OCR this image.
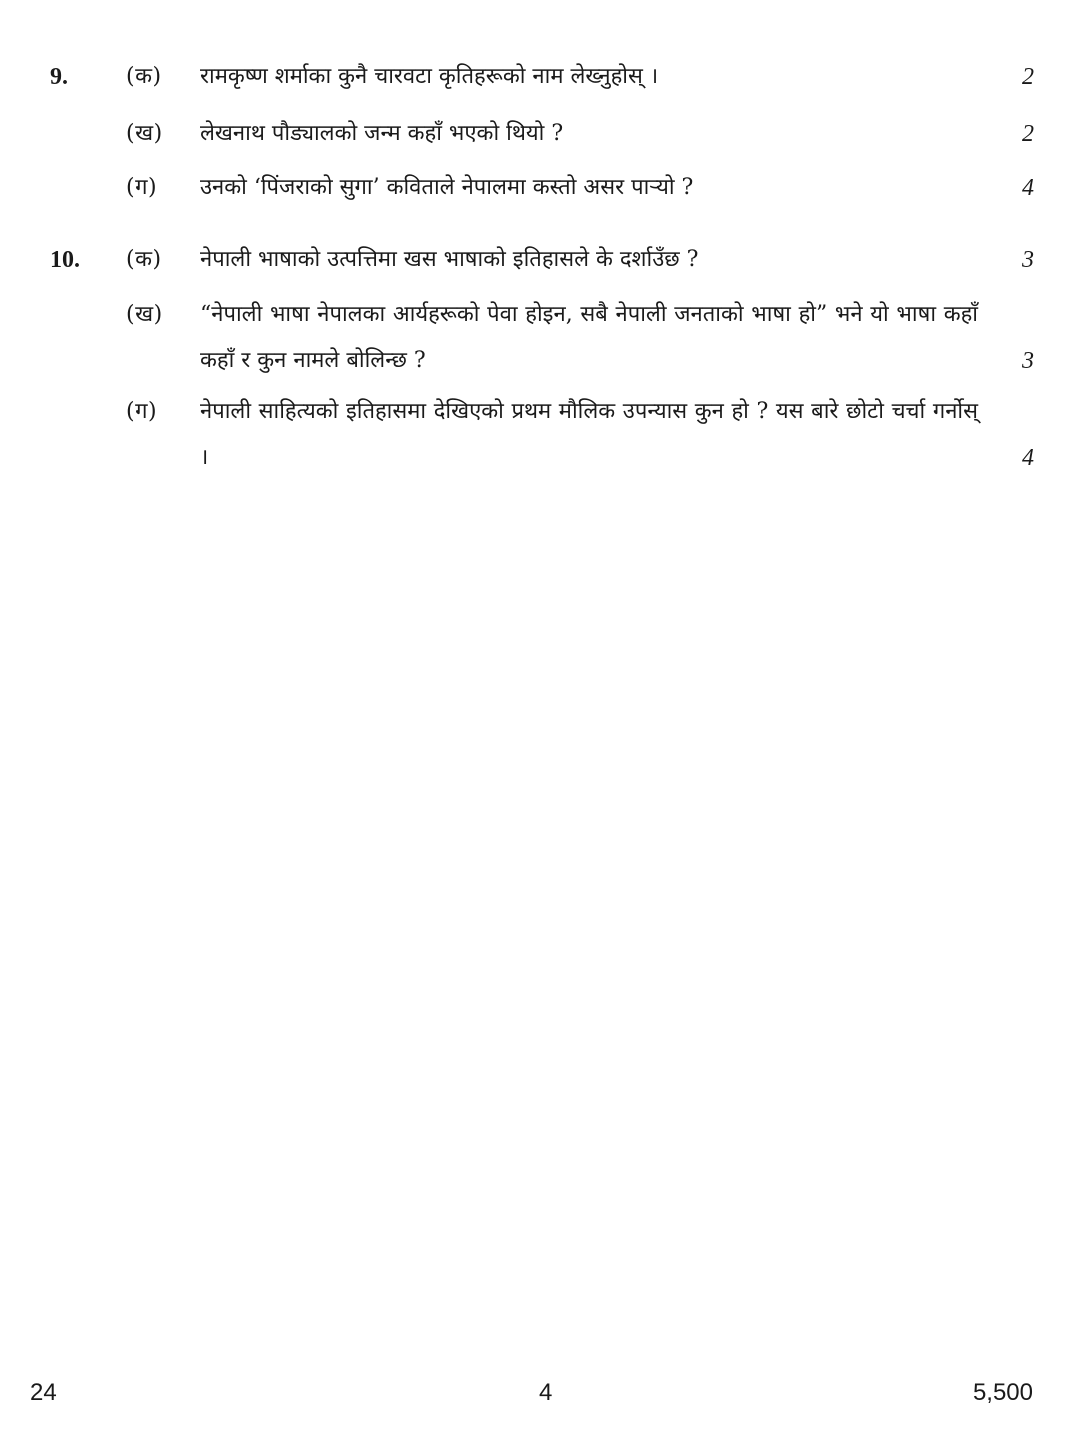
9.	(क) रामकृष्ण शर्माका कुनै चारवटा कृतिहरूको नाम लेख्नुहोस् ।	2
(ख) लेखनाथ पौड्यालको जन्म कहाँ भएको थियो ?	2
(ग) उनको ‘पिंजराको सुगा’ कविताले नेपालमा कस्तो असर पार्‍यो ?	4
10. (क) नेपाली भाषाको उत्पत्तिमा खस भाषाको इतिहासले के दर्शाउँछ ?	3
(ख) “नेपाली भाषा नेपालका आर्यहरूको पेवा होइन, सबै नेपाली जनताको भाषा हो” भने यो भाषा कहाँ कहाँ र कुन नामले बोलिन्छ ?	3
(ग) नेपाली साहित्यको इतिहासमा देखिएको प्रथम मौलिक उपन्यास कुन हो ? यस बारे छोटो चर्चा गर्नोस् ।	4
24	4	5,500
